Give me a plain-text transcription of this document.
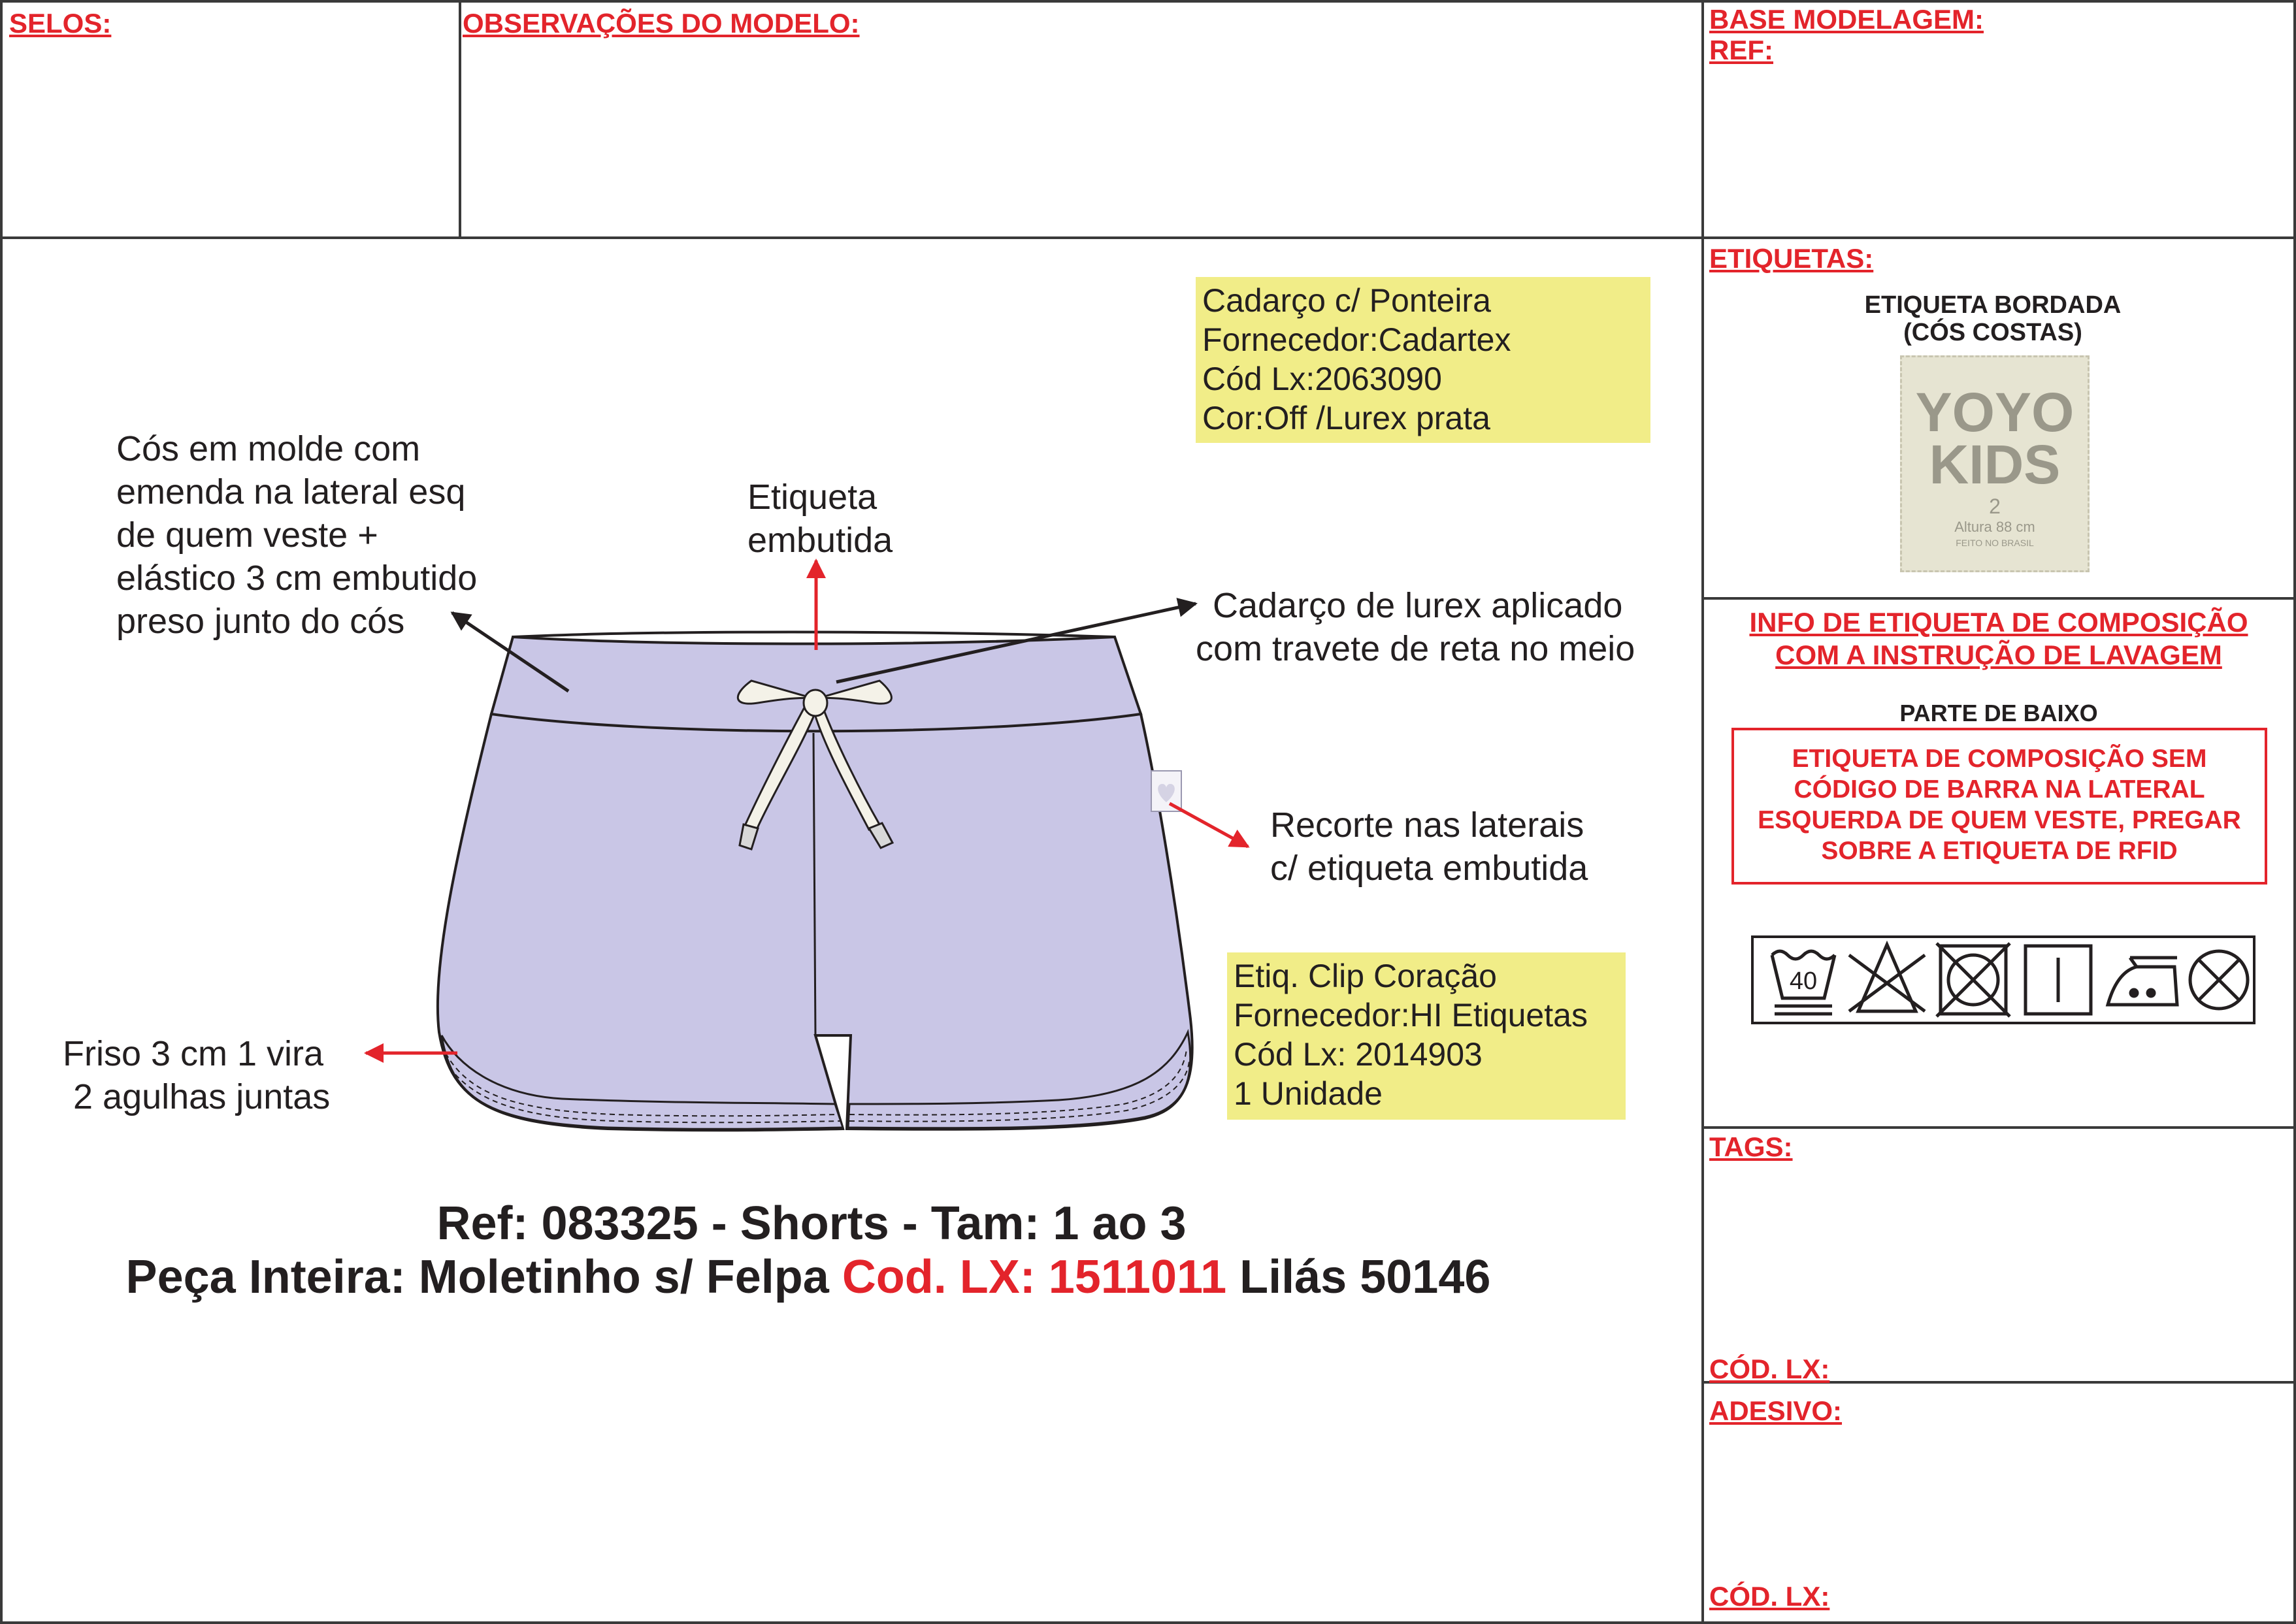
SELOS:	OBSERVAÇÕES DO MODELO:	BASE MODELAGEM:
REF:
ETIQUETAS:
TAGS:
CÓD. LX:
ADESIVO:
CÓD. LX:
ETIQUETA BORDADA
(CÓS COSTAS)
YOYO
KIDS
2
Altura 88 cm
FEITO NO BRASIL
INFO DE ETIQUETA DE COMPOSIÇÃO
COM A INSTRUÇÃO DE LAVAGEM
PARTE DE BAIXO
ETIQUETA DE COMPOSIÇÃO SEM
CÓDIGO DE BARRA NA LATERAL
ESQUERDA DE QUEM VESTE, PREGAR
SOBRE A ETIQUETA DE RFID
40
Cós em molde com
emenda na lateral esq
de quem veste +
elástico 3 cm embutido
preso junto do cós
Etiqueta
embutida
Cadarço de lurex aplicado
com travete de reta no meio
Recorte nas laterais
c/ etiqueta embutida
Friso 3 cm 1 vira
2 agulhas juntas
Cadarço c/ Ponteira
Fornecedor:Cadartex
Cód Lx:2063090
Cor:Off /Lurex prata
Etiq. Clip Coração
Fornecedor:HI Etiquetas
Cód Lx: 2014903
1 Unidade
Ref: 083325 - Shorts - Tam: 1 ao 3
Peça Inteira: Moletinho s/ Felpa Cod. LX: 1511011 Lilás 50146
